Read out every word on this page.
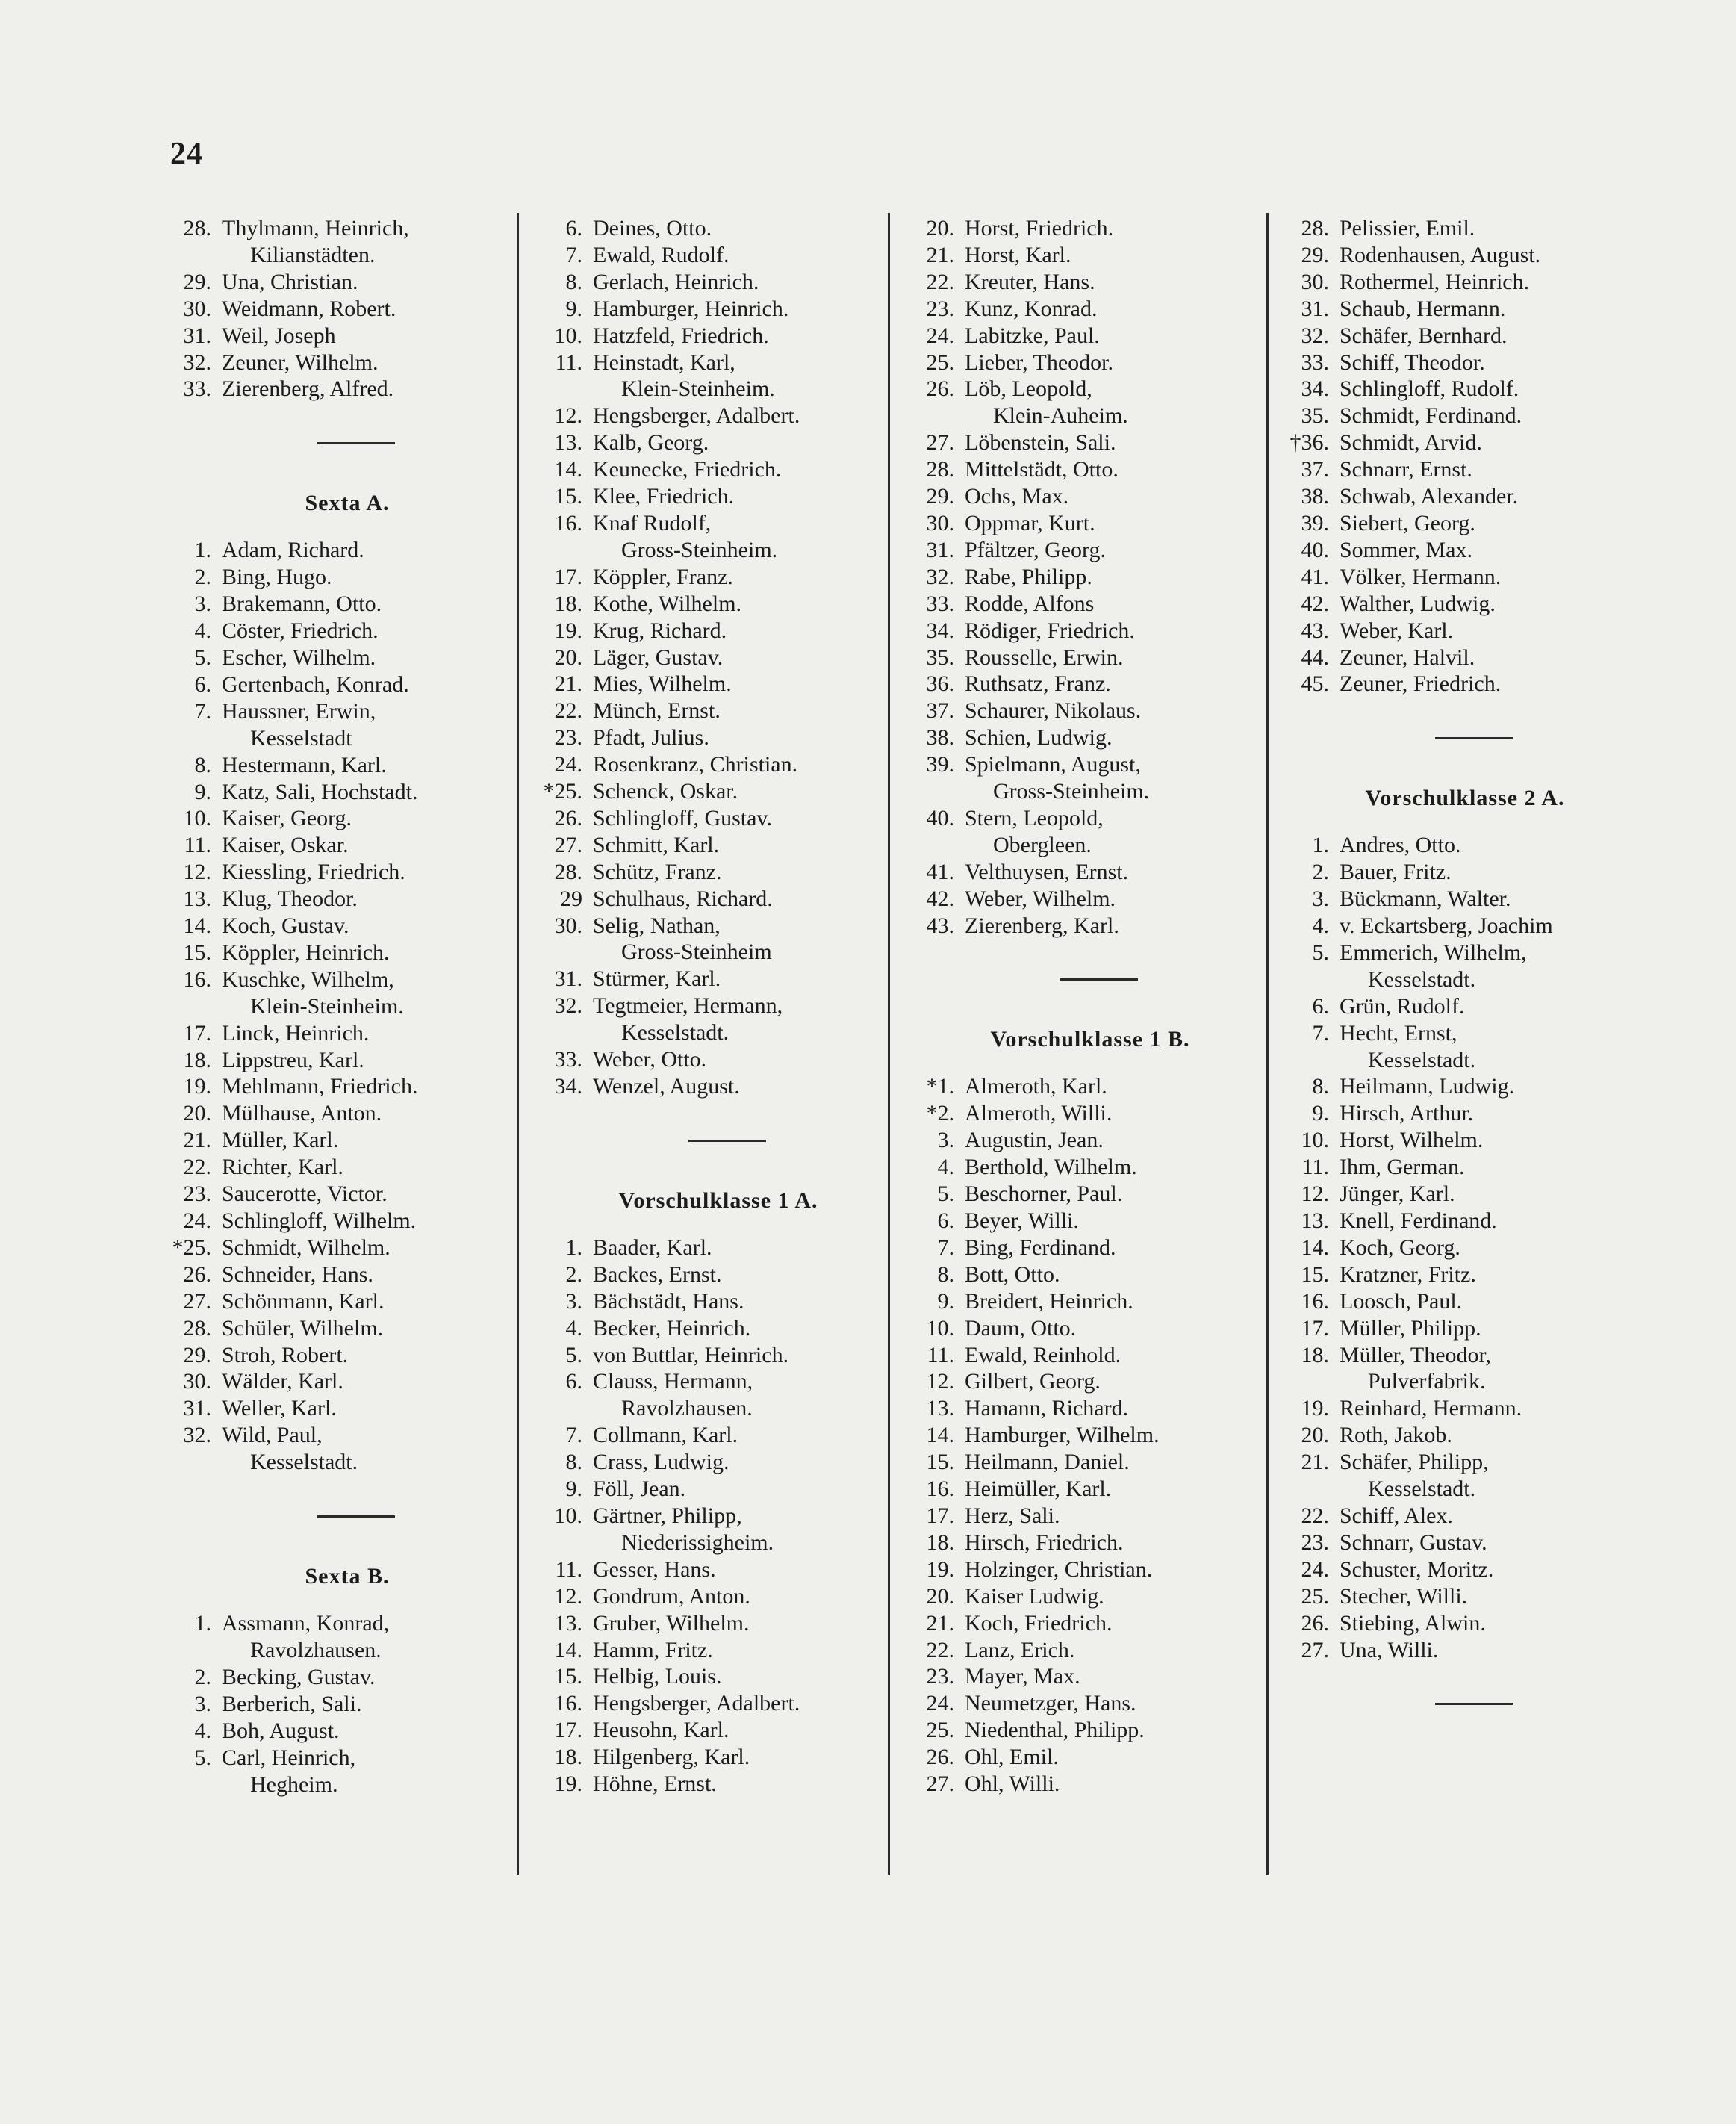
24
28. Thylmann, Heinrich,
Kilianstädten.
29. Una, Christian.
30. Weidmann, Robert.
31. Weil, Joseph
32. Zeuner, Wilhelm.
33. Zierenberg, Alfred.
Sexta A.
1. Adam, Richard.
2. Bing, Hugo.
3. Brakemann, Otto.
4. Cöster, Friedrich.
5. Escher, Wilhelm.
6. Gertenbach, Konrad.
7. Haussner, Erwin,
Kesselstadt
8. Hestermann, Karl.
9. Katz, Sali, Hochstadt.
10. Kaiser, Georg.
11. Kaiser, Oskar.
12. Kiessling, Friedrich.
13. Klug, Theodor.
14. Koch, Gustav.
15. Köppler, Heinrich.
16. Kuschke, Wilhelm,
Klein-Steinheim.
17. Linck, Heinrich.
18. Lippstreu, Karl.
19. Mehlmann, Friedrich.
20. Mülhause, Anton.
21. Müller, Karl.
22. Richter, Karl.
23. Saucerotte, Victor.
24. Schlingloff, Wilhelm.
*25. Schmidt, Wilhelm.
26. Schneider, Hans.
27. Schönmann, Karl.
28. Schüler, Wilhelm.
29. Stroh, Robert.
30. Wälder, Karl.
31. Weller, Karl.
32. Wild, Paul,
Kesselstadt.
Sexta B.
1. Assmann, Konrad,
Ravolzhausen.
2. Becking, Gustav.
3. Berberich, Sali.
4. Boh, August.
5. Carl, Heinrich,
Hegheim.
6. Deines, Otto.
7. Ewald, Rudolf.
8. Gerlach, Heinrich.
9. Hamburger, Heinrich.
10. Hatzfeld, Friedrich.
11. Heinstadt, Karl,
Klein-Steinheim.
12. Hengsberger, Adalbert.
13. Kalb, Georg.
14. Keunecke, Friedrich.
15. Klee, Friedrich.
16. Knaf Rudolf,
Gross-Steinheim.
17. Köppler, Franz.
18. Kothe, Wilhelm.
19. Krug, Richard.
20. Läger, Gustav.
21. Mies, Wilhelm.
22. Münch, Ernst.
23. Pfadt, Julius.
24. Rosenkranz, Christian.
*25. Schenck, Oskar.
26. Schlingloff, Gustav.
27. Schmitt, Karl.
28. Schütz, Franz.
29 Schulhaus, Richard.
30. Selig, Nathan,
Gross-Steinheim
31. Stürmer, Karl.
32. Tegtmeier, Hermann,
Kesselstadt.
33. Weber, Otto.
34. Wenzel, August.
Vorschulklasse 1 A.
1. Baader, Karl.
2. Backes, Ernst.
3. Bächstädt, Hans.
4. Becker, Heinrich.
5. von Buttlar, Heinrich.
6. Clauss, Hermann,
Ravolzhausen.
7. Collmann, Karl.
8. Crass, Ludwig.
9. Föll, Jean.
10. Gärtner, Philipp,
Niederissigheim.
11. Gesser, Hans.
12. Gondrum, Anton.
13. Gruber, Wilhelm.
14. Hamm, Fritz.
15. Helbig, Louis.
16. Hengsberger, Adalbert.
17. Heusohn, Karl.
18. Hilgenberg, Karl.
19. Höhne, Ernst.
20. Horst, Friedrich.
21. Horst, Karl.
22. Kreuter, Hans.
23. Kunz, Konrad.
24. Labitzke, Paul.
25. Lieber, Theodor.
26. Löb, Leopold,
Klein-Auheim.
27. Löbenstein, Sali.
28. Mittelstädt, Otto.
29. Ochs, Max.
30. Oppmar, Kurt.
31. Pfältzer, Georg.
32. Rabe, Philipp.
33. Rodde, Alfons
34. Rödiger, Friedrich.
35. Rousselle, Erwin.
36. Ruthsatz, Franz.
37. Schaurer, Nikolaus.
38. Schien, Ludwig.
39. Spielmann, August,
Gross-Steinheim.
40. Stern, Leopold,
Obergleen.
41. Velthuysen, Ernst.
42. Weber, Wilhelm.
43. Zierenberg, Karl.
Vorschulklasse 1 B.
*1. Almeroth, Karl.
*2. Almeroth, Willi.
3. Augustin, Jean.
4. Berthold, Wilhelm.
5. Beschorner, Paul.
6. Beyer, Willi.
7. Bing, Ferdinand.
8. Bott, Otto.
9. Breidert, Heinrich.
10. Daum, Otto.
11. Ewald, Reinhold.
12. Gilbert, Georg.
13. Hamann, Richard.
14. Hamburger, Wilhelm.
15. Heilmann, Daniel.
16. Heimüller, Karl.
17. Herz, Sali.
18. Hirsch, Friedrich.
19. Holzinger, Christian.
20. Kaiser Ludwig.
21. Koch, Friedrich.
22. Lanz, Erich.
23. Mayer, Max.
24. Neumetzger, Hans.
25. Niedenthal, Philipp.
26. Ohl, Emil.
27. Ohl, Willi.
28. Pelissier, Emil.
29. Rodenhausen, August.
30. Rothermel, Heinrich.
31. Schaub, Hermann.
32. Schäfer, Bernhard.
33. Schiff, Theodor.
34. Schlingloff, Rudolf.
35. Schmidt, Ferdinand.
†36. Schmidt, Arvid.
37. Schnarr, Ernst.
38. Schwab, Alexander.
39. Siebert, Georg.
40. Sommer, Max.
41. Völker, Hermann.
42. Walther, Ludwig.
43. Weber, Karl.
44. Zeuner, Halvil.
45. Zeuner, Friedrich.
Vorschulklasse 2 A.
1. Andres, Otto.
2. Bauer, Fritz.
3. Bückmann, Walter.
4. v. Eckartsberg, Joachim
5. Emmerich, Wilhelm,
Kesselstadt.
6. Grün, Rudolf.
7. Hecht, Ernst,
Kesselstadt.
8. Heilmann, Ludwig.
9. Hirsch, Arthur.
10. Horst, Wilhelm.
11. Ihm, German.
12. Jünger, Karl.
13. Knell, Ferdinand.
14. Koch, Georg.
15. Kratzner, Fritz.
16. Loosch, Paul.
17. Müller, Philipp.
18. Müller, Theodor,
Pulverfabrik.
19. Reinhard, Hermann.
20. Roth, Jakob.
21. Schäfer, Philipp,
Kesselstadt.
22. Schiff, Alex.
23. Schnarr, Gustav.
24. Schuster, Moritz.
25. Stecher, Willi.
26. Stiebing, Alwin.
27. Una, Willi.
